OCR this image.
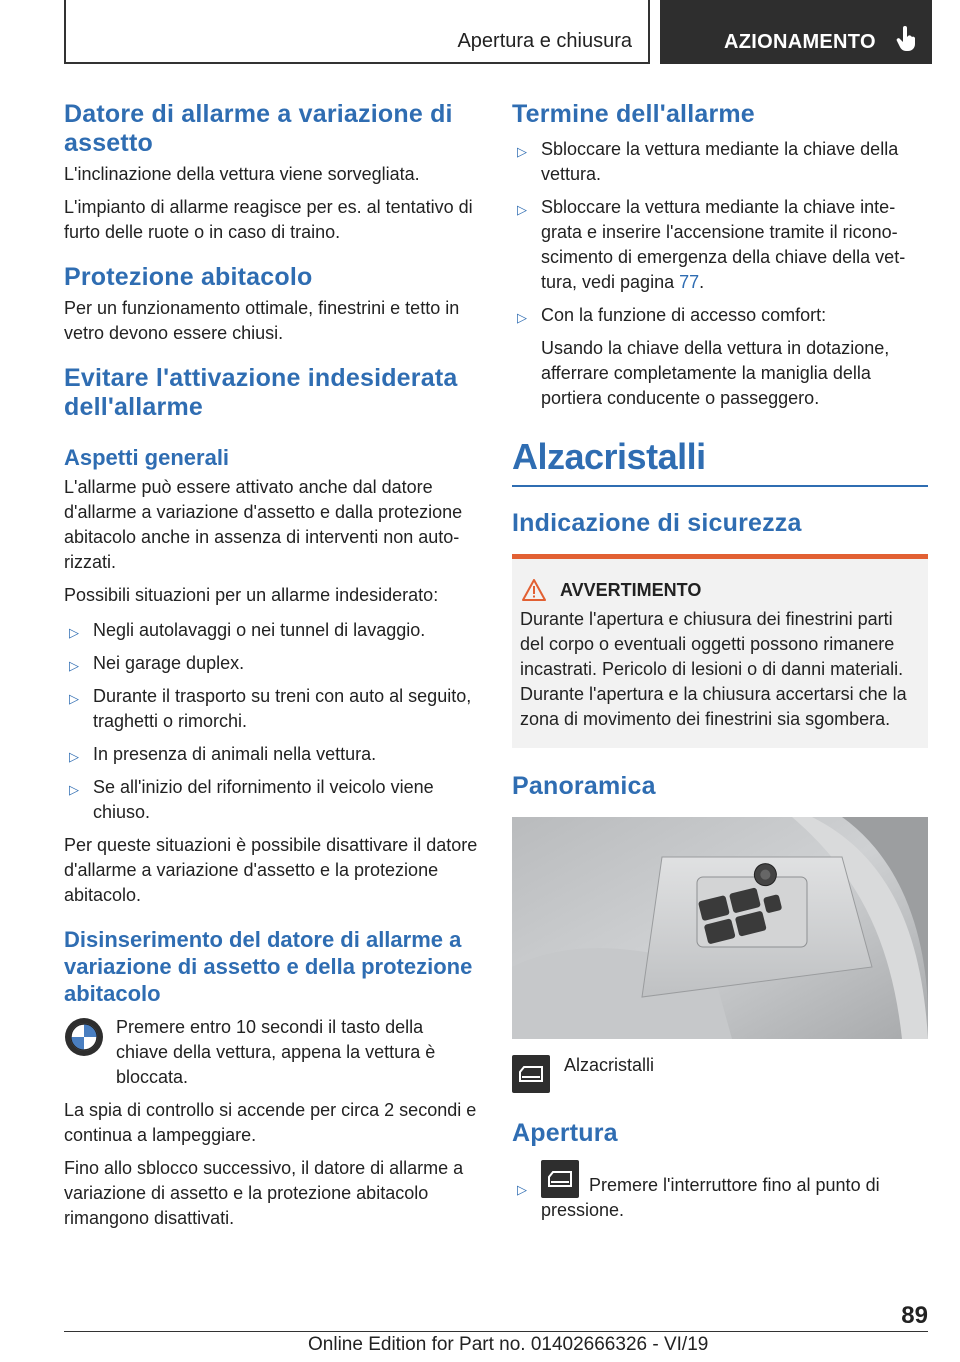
Apertura e chiusura	AZIONAMENTO
Datore di allarme a variazione di assetto

L'inclinazione della vettura viene sorvegliata.

L'impianto di allarme reagisce per es. al tentativo di furto delle ruote o in caso di traino.

Protezione abitacolo

Per un funzionamento ottimale, finestrini e tetto in vetro devono essere chiusi.

Evitare l'attivazione indesiderata dell'allarme
Aspetti generali

L'allarme può essere attivato anche dal datore d'allarme a variazione d'assetto e dalla protezione abitacolo anche in assenza di interventi non autorizzati.

Possibili situazioni per un allarme indesiderato:

▷ Negli autolavaggi o nei tunnel di lavaggio.
▷ Nei garage duplex.
▷ Durante il trasporto su treni con auto al seguito, traghetti o rimorchi.
▷ In presenza di animali nella vettura.
▷ Se all'inizio del rifornimento il veicolo viene chiuso.

Per queste situazioni è possibile disattivare il datore d'allarme a variazione d'assetto e la protezione abitacolo.

Disinserimento del datore di allarme a variazione di assetto e della protezione abitacolo

Premere entro 10 secondi il tasto della chiave della vettura, appena la vettura è bloccata.

La spia di controllo si accende per circa 2 secondi e continua a lampeggiare.

Fino allo sblocco successivo, il datore di allarme a variazione di assetto e la protezione abitacolo rimangono disattivati.

Termine dell'allarme
▷ Sbloccare la vettura mediante la chiave della vettura.
▷ Sbloccare la vettura mediante la chiave integrata e inserire l'accensione tramite il riconoscimento di emergenza della chiave della vettura, vedi pagina 77.
▷ Con la funzione di accesso comfort:
Usando la chiave della vettura in dotazione, afferrare completamente la maniglia della portiera conducente o passeggero.
Alzacristalli
Indicazione di sicurezza
AVVERTIMENTO

Durante l'apertura e chiusura dei finestrini parti del corpo o eventuali oggetti possono rimanere incastrati. Pericolo di lesioni o di danni materiali.

Durante l'apertura e la chiusura accertarsi che la zona di movimento dei finestrini sia sgombera.

Panoramica

Alzacristalli

Apertura
▷	Premere l'interruttore fino al punto di pressione.
89
Online Edition for Part no. 01402666326 - VI/19
